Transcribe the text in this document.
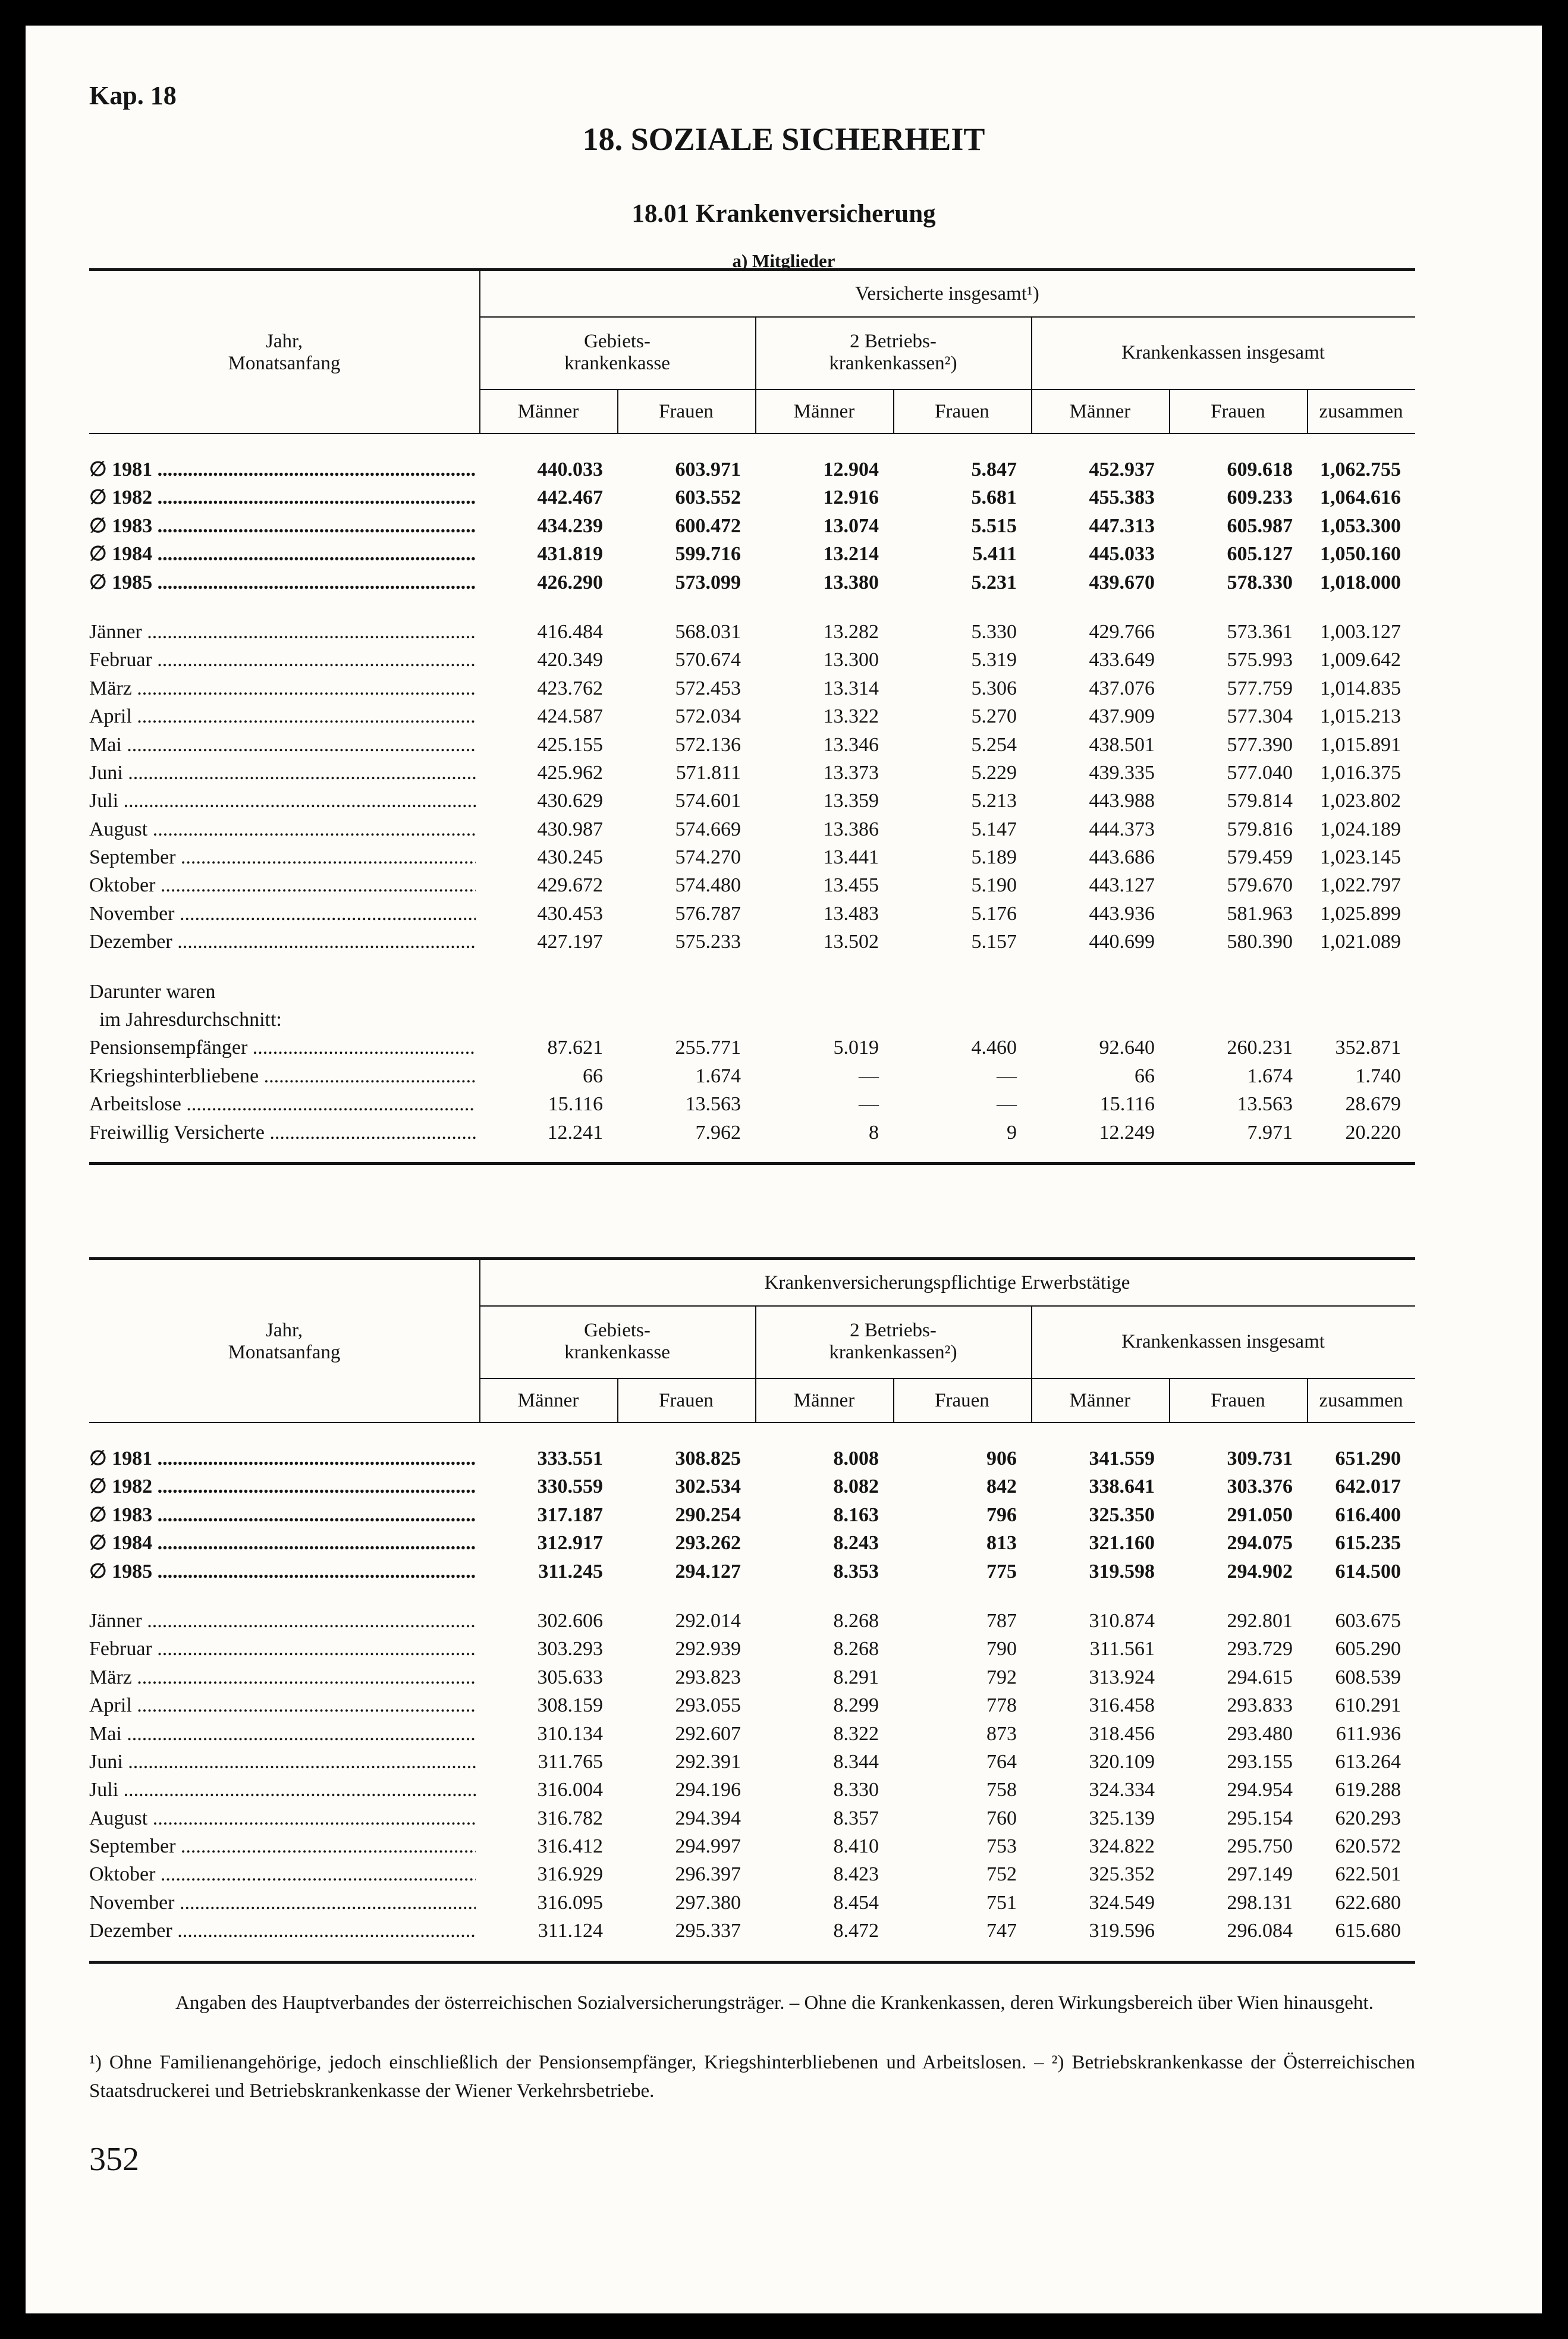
Kap. 18
18. SOZIALE SICHERHEIT
18.01 Krankenversicherung
a) Mitglieder
Jahr,
Monatsanfang
Versicherte insgesamt¹)
Gebiets-
krankenkasse
2 Betriebs-
krankenkassen²)
Krankenkassen insgesamt
Männer	Frauen	Männer	Frauen	Männer	Frauen	zusammen
∅ 1981 .....	440.033	603.971	12.904	5.847	452.937	609.618 1,062.755
∅ 1982 .....	442.467	603.552	12.916	5.681	455.383	609.233 1,064.616
∅ 1983 .....	434.239	600.472	13.074	5.515	447.313	605.987 1,053.300
∅ 1984 .....	431.819	599.716	13.214	5.411	445.033	605.127 1,050.160
∅ 1985 .....	426.290	573.099	13.380	5.231	439.670	578.330 1,018.000
Jänner .....	416.484	568.031	13.282	5.330	429.766	573.361 1,003.127
Februar .....	420.349	570.674	13.300	5.319	433.649	575.993 1,009.642
März .....	423.762	572.453	13.314	5.306	437.076	577.759 1,014.835
April .....	424.587	572.034	13.322	5.270	437.909	577.304 1,015.213
Mai .....	425.155	572.136	13.346	5.254	438.501	577.390 1,015.891
Juni .....	425.962	571.811	13.373	5.229	439.335	577.040 1,016.375
Juli .....	430.629	574.601	13.359	5.213	443.988	579.814 1,023.802
August .....	430.987	574.669	13.386	5.147	444.373	579.816 1,024.189
September .....	430.245	574.270	13.441	5.189	443.686	579.459 1,023.145
Oktober .....	429.672	574.480	13.455	5.190	443.127	579.670 1,022.797
November .....	430.453	576.787	13.483	5.176	443.936	581.963 1,025.899
Dezember .....	427.197	575.233	13.502	5.157	440.699	580.390 1,021.089
Darunter waren
im Jahresdurchschnitt:
Pensionsempfänger .....	87.621	255.771	5.019	4.460	92.640	260.231 352.871
Kriegshinterbliebene .....	66	1.674	—	—	66	1.674	1.740
Arbeitslose .....	15.116	13.563	—	—	15.116	13.563	28.679
Freiwillig Versicherte .....	12.241	7.962	8	9	12.249	7.971	20.220
Jahr,
Monatsanfang
Krankenversicherungspflichtige Erwerbstätige
Gebiets-
krankenkasse
2 Betriebs-
krankenkassen²)
Krankenkassen insgesamt
Männer	Frauen	Männer	Frauen	Männer	Frauen	zusammen
∅ 1981 .....	333.551	308.825	8.008	906	341.559	309.731 651.290
∅ 1982 .....	330.559	302.534	8.082	842	338.641	303.376 642.017
∅ 1983 .....	317.187	290.254	8.163	796	325.350	291.050 616.400
∅ 1984 .....	312.917	293.262	8.243	813	321.160	294.075 615.235
∅ 1985 .....	311.245	294.127	8.353	775	319.598	294.902 614.500
Jänner .....	302.606	292.014	8.268	787	310.874	292.801 603.675
Februar .....	303.293	292.939	8.268	790	311.561	293.729 605.290
März .....	305.633	293.823	8.291	792	313.924	294.615 608.539
April .....	308.159	293.055	8.299	778	316.458	293.833 610.291
Mai .....	310.134	292.607	8.322	873	318.456	293.480 611.936
Juni .....	311.765	292.391	8.344	764	320.109	293.155 613.264
Juli .....	316.004	294.196	8.330	758	324.334	294.954 619.288
August .....	316.782	294.394	8.357	760	325.139	295.154 620.293
September .....	316.412	294.997	8.410	753	324.822	295.750 620.572
Oktober .....	316.929	296.397	8.423	752	325.352	297.149 622.501
November .....	316.095	297.380	8.454	751	324.549	298.131 622.680
Dezember .....	311.124	295.337	8.472	747	319.596	296.084 615.680
Angaben des Hauptverbandes der österreichischen Sozialversicherungsträger. – Ohne die Krankenkassen, deren Wirkungsbereich über Wien hinausgeht.
¹) Ohne Familienangehörige, jedoch einschließlich der Pensionsempfänger, Kriegshinterbliebenen und Arbeitslosen. – ²) Betriebskrankenkasse der Österreichischen Staatsdruckerei und Betriebskrankenkasse der Wiener Verkehrsbetriebe.
352
